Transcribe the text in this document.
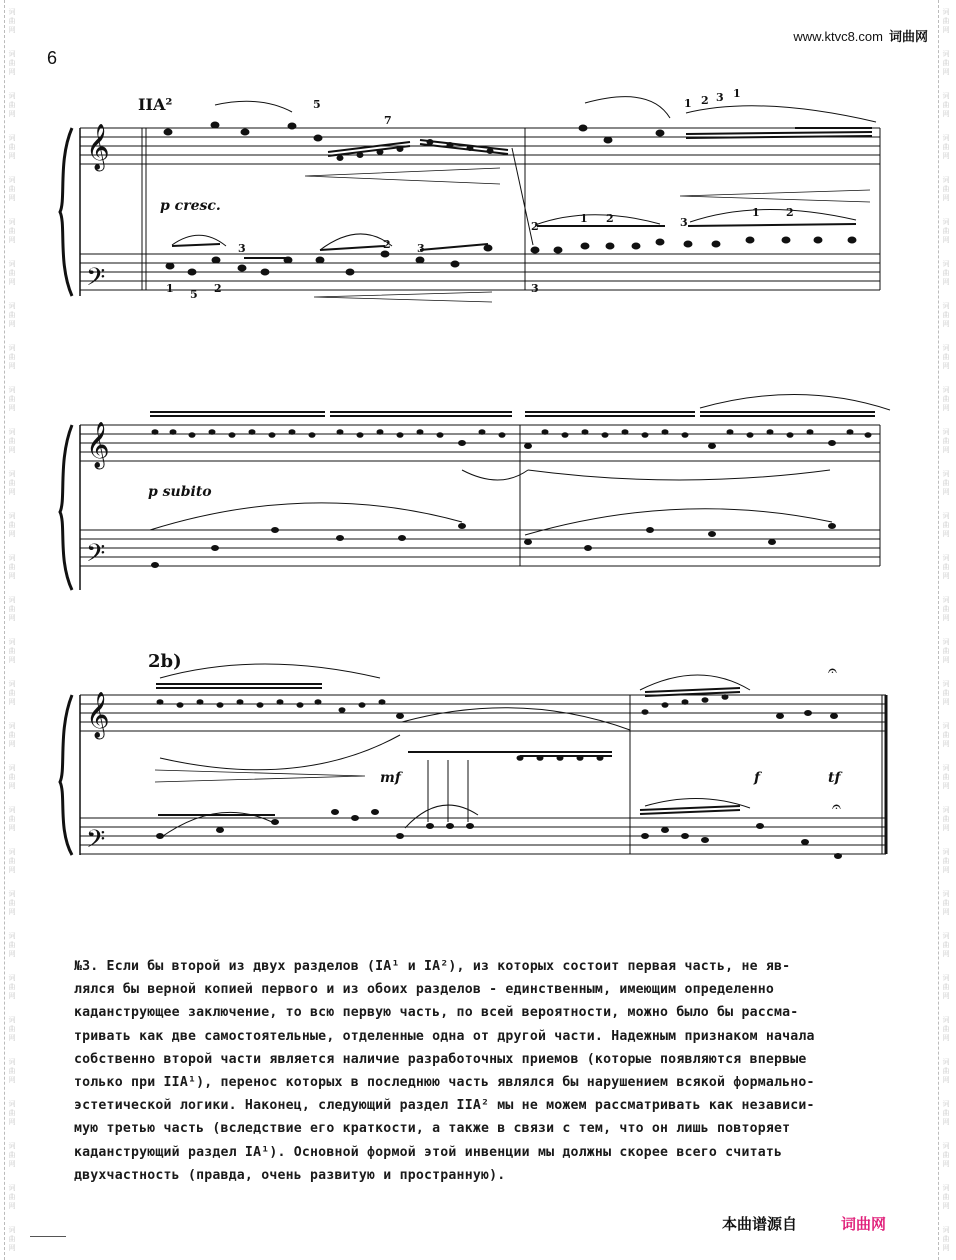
词曲网
词曲网
词曲网
词曲网
词曲网
词曲网
词曲网
词曲网
词曲网
词曲网
词曲网
词曲网
词曲网
词曲网
词曲网
词曲网
词曲网
词曲网
词曲网
词曲网
词曲网
词曲网
词曲网
词曲网
词曲网
词曲网
词曲网
词曲网
词曲网
词曲网
词曲网
词曲网
词曲网
词曲网
词曲网
词曲网
词曲网
词曲网
词曲网
词曲网
词曲网
词曲网
词曲网
词曲网
词曲网
词曲网
词曲网
词曲网
词曲网
词曲网
词曲网
词曲网
词曲网
词曲网
词曲网
词曲网
词曲网
词曲网
词曲网
词曲网
6
www.ktvc8.com 词曲网
IIA²
p cresc.
5
7
1 2 3 1
1 5 2
3	2 3
3
2
1 2	3
1 2
𝄞
𝄢
p subito
𝄞
𝄢
2b)
mf	f	tf
𝄞
𝄢
𝄐
𝄐
№3. Если бы второй из двух разделов (IA¹ и IA²), из которых состоит первая часть, не яв-
лялся бы верной копией первого и из обоих разделов - единственным, имеющим определенно
каданструющее заключение, то всю первую часть, по всей вероятности, можно было бы рассма-
тривать как две самостоятельные, отделенные одна от другой части. Надежным признаком начала
собственно второй части является наличие разработочных приемов (которые появляются впервые
только при IIA¹), перенос которых в последнюю часть являлся бы нарушением всякой формально-
эстетической логики. Наконец, следующий раздел IIA² мы не можем рассматривать как независи-
мую третью часть (вследствие его краткости, а также в связи с тем, что он лишь повторяет
каданструющий раздел IA¹). Основной формой этой инвенции мы должны скорее всего считать
двухчастность (правда, очень развитую и пространную).
本曲谱源自	词曲网
